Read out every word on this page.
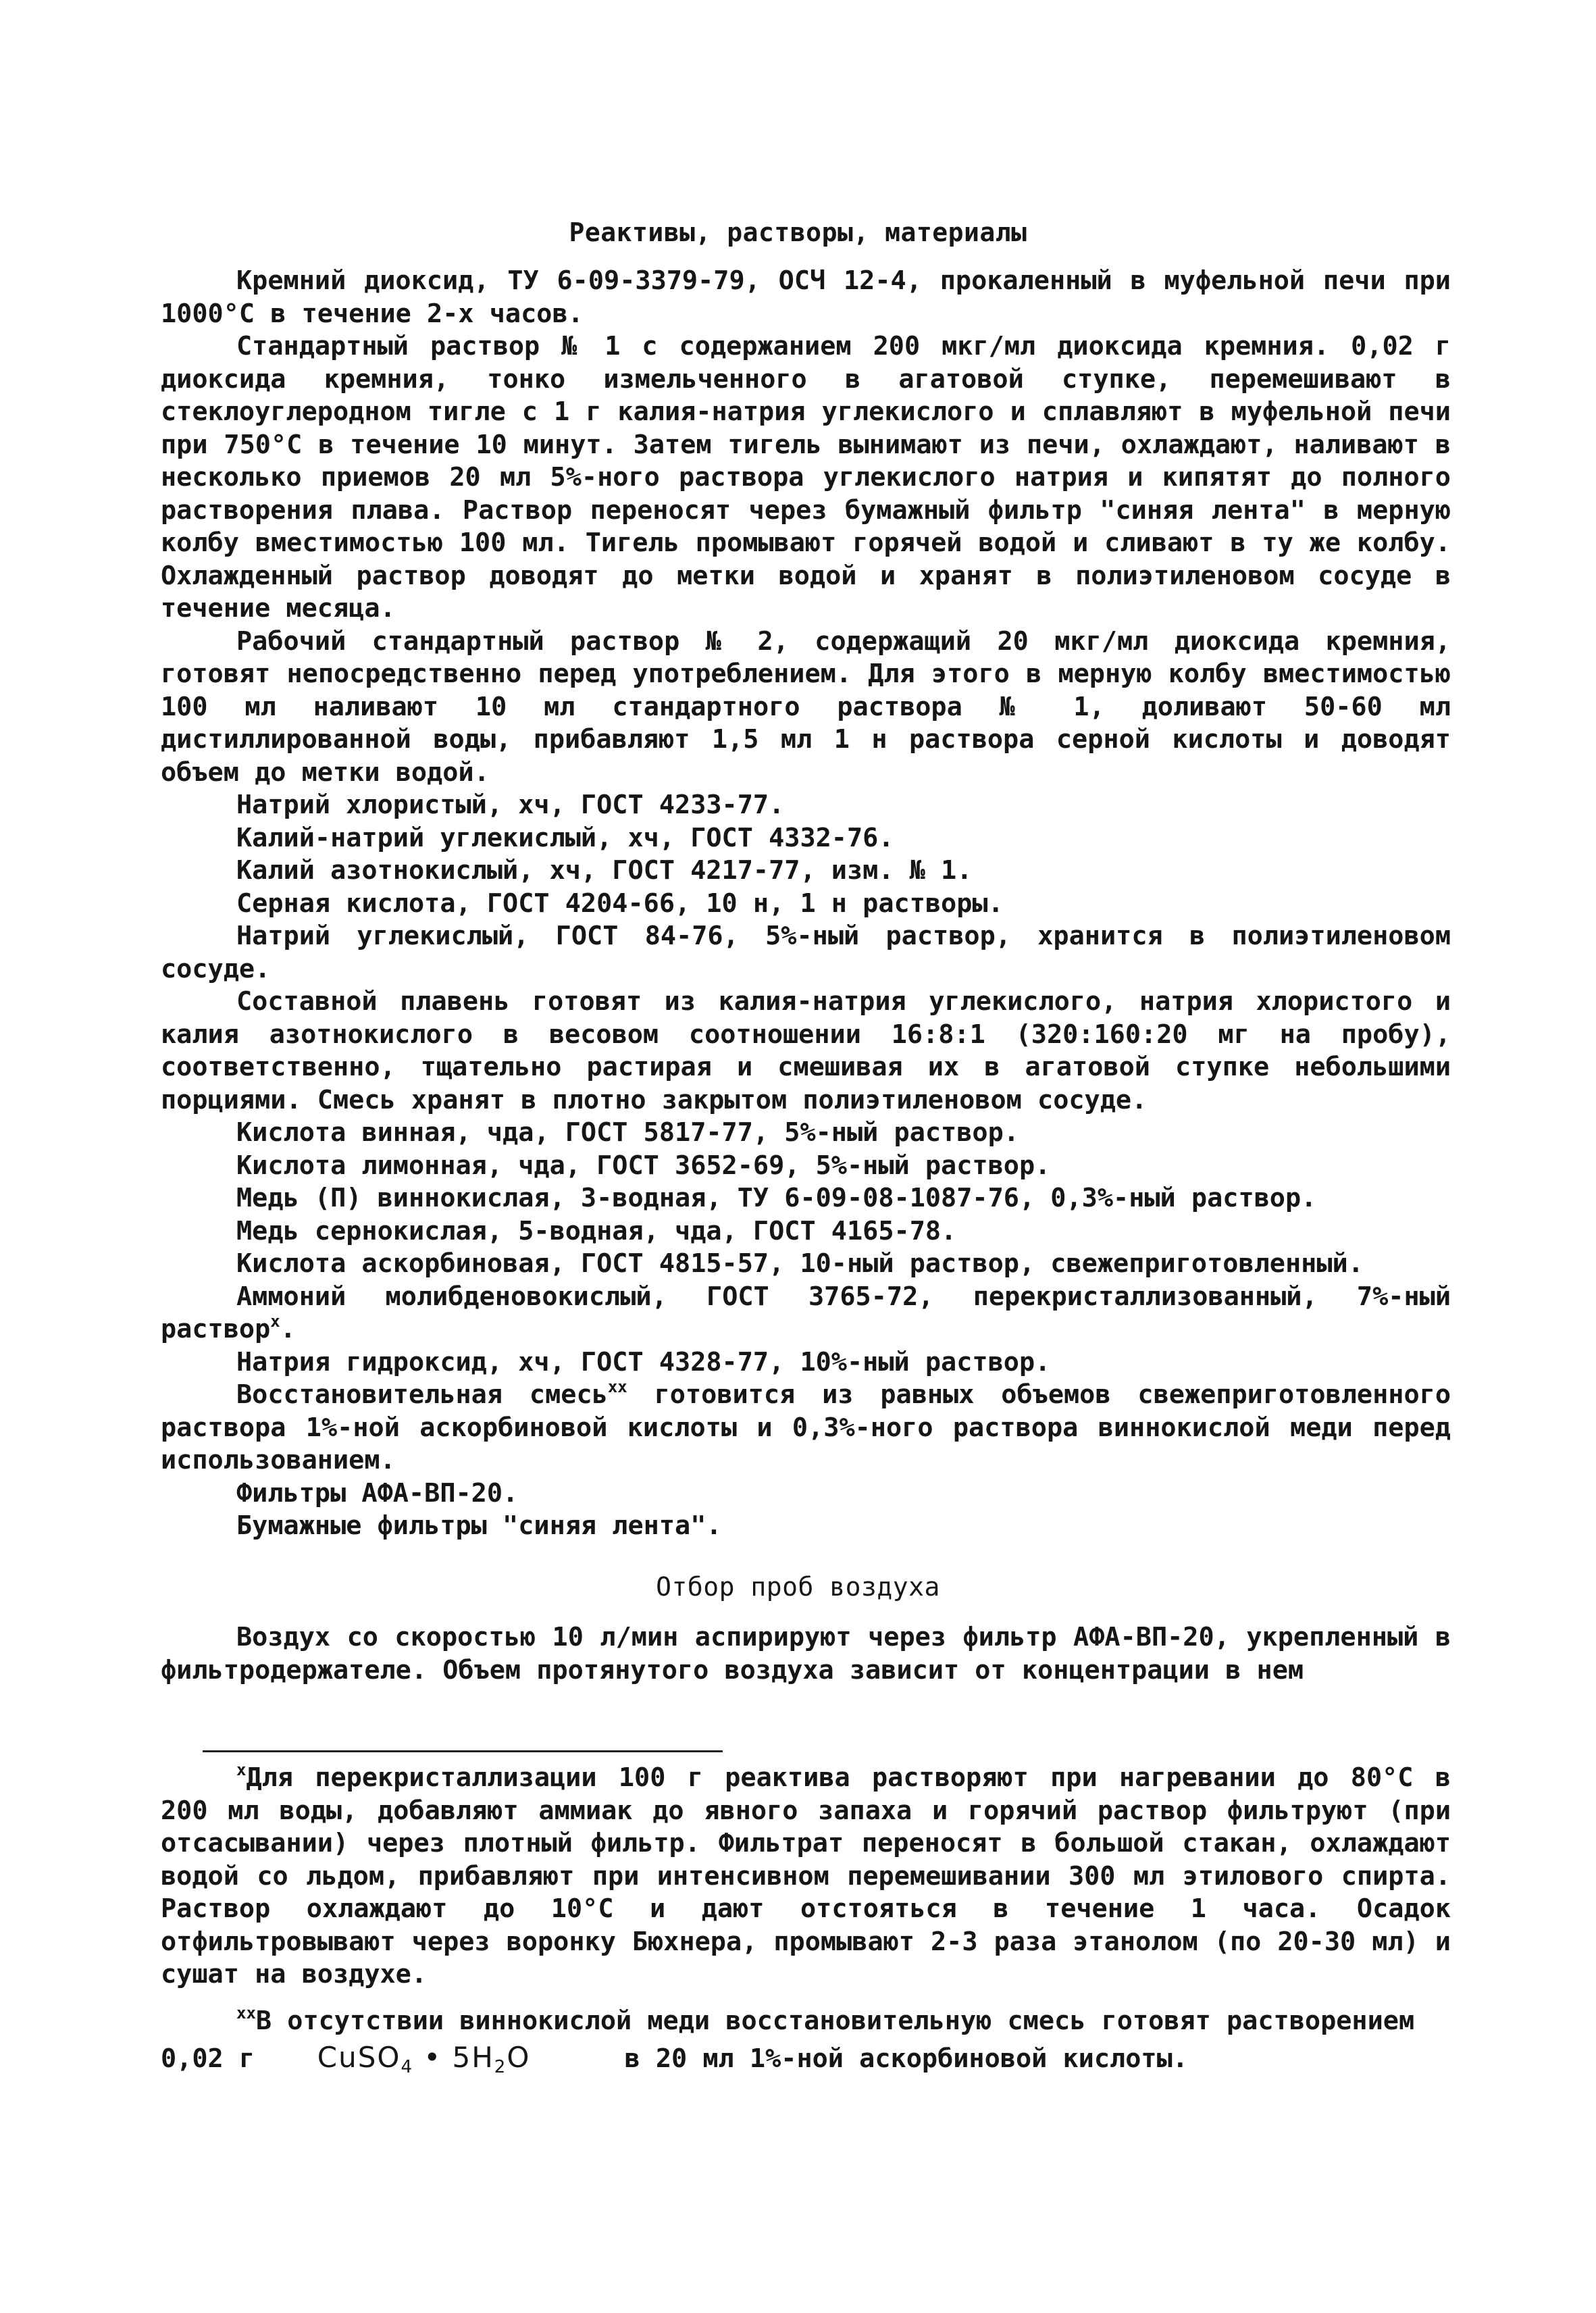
Реактивы, растворы, материалы

Кремний диоксид, ТУ 6-09-3379-79, ОСЧ 12-4, прокаленный в муфельной печи при 1000°С в течение 2-х часов.

Стандартный раствор № 1 с содержанием 200 мкг/мл диоксида кремния. 0,02 г диоксида кремния, тонко измельченного в агатовой ступке, перемешивают в стеклоуглеродном тигле с 1 г калия-натрия углекислого и сплавляют в муфельной печи при 750°С в течение 10 минут. Затем тигель вынимают из печи, охлаждают, наливают в несколько приемов 20 мл 5%-ного раствора углекислого натрия и кипятят до полного растворения плава. Раствор переносят через бумажный фильтр "синяя лента" в мерную колбу вместимостью 100 мл. Тигель промывают горячей водой и сливают в ту же колбу. Охлажденный раствор доводят до метки водой и хранят в полиэтиленовом сосуде в течение месяца.

Рабочий стандартный раствор № 2, содержащий 20 мкг/мл диоксида кремния, готовят непосредственно перед употреблением. Для этого в мерную колбу вместимостью 100 мл наливают 10 мл стандартного раствора № 1, доливают 50-60 мл дистиллированной воды, прибавляют 1,5 мл 1 н раствора серной кислоты и доводят объем до метки водой.

Натрий хлористый, хч, ГОСТ 4233-77.

Калий-натрий углекислый, хч, ГОСТ 4332-76.

Калий азотнокислый, хч, ГОСТ 4217-77, изм. № 1.

Серная кислота, ГОСТ 4204-66, 10 н, 1 н растворы.

Натрий углекислый, ГОСТ 84-76, 5%-ный раствор, хранится в полиэтиленовом сосуде.

Составной плавень готовят из калия-натрия углекислого, натрия хлористого и калия азотнокислого в весовом соотношении 16:8:1 (320:160:20 мг на пробу), соответственно, тщательно растирая и смешивая их в агатовой ступке небольшими порциями. Смесь хранят в плотно закрытом полиэтиленовом сосуде.

Кислота винная, чда, ГОСТ 5817-77, 5%-ный раствор.

Кислота лимонная, чда, ГОСТ 3652-69, 5%-ный раствор.

Медь (П) виннокислая, 3-водная, ТУ 6-09-08-1087-76, 0,3%-ный раствор.

Медь сернокислая, 5-водная, чда, ГОСТ 4165-78.

Кислота аскорбиновая, ГОСТ 4815-57, 10-ный раствор, свежеприготовленный.

Аммоний молибденовокислый, ГОСТ 3765-72, перекристаллизованный, 7%-ный раствор$^х$.

Натрия гидроксид, хч, ГОСТ 4328-77, 10%-ный раствор.

Восстановительная смесь$^{хх}$ готовится из равных объемов свежеприготовленного раствора 1%-ной аскорбиновой кислоты и 0,3%-ного раствора виннокислой меди перед использованием.

Фильтры АФА-ВП-20.

Бумажные фильтры "синяя лента".

Отбор проб воздуха

Воздух со скоростью 10 л/мин аспирируют через фильтр АФА-ВП-20, укрепленный в фильтродержателе. Объем протянутого воздуха зависит от концентрации в нем

$^х$Для перекристаллизации 100 г реактива растворяют при нагревании до 80°С в 200 мл воды, добавляют аммиак до явного запаха и горячий раствор фильтруют (при отсасывании) через плотный фильтр. Фильтрат переносят в большой стакан, охлаждают водой со льдом, прибавляют при интенсивном перемешивании 300 мл этилового спирта. Раствор охлаждают до 10°С и дают отстояться в течение 1 часа. Осадок отфильтровывают через воронку Бюхнера, промывают 2-3 раза этанолом (по 20-30 мл) и сушат на воздухе.

$^{хх}$В отсутствии виннокислой меди восстановительную смесь готовят растворением

0,02 г CuSO$_4$ • $5H_2O$	в 20 мл 1%-ной аскорбиновой кислоты.
